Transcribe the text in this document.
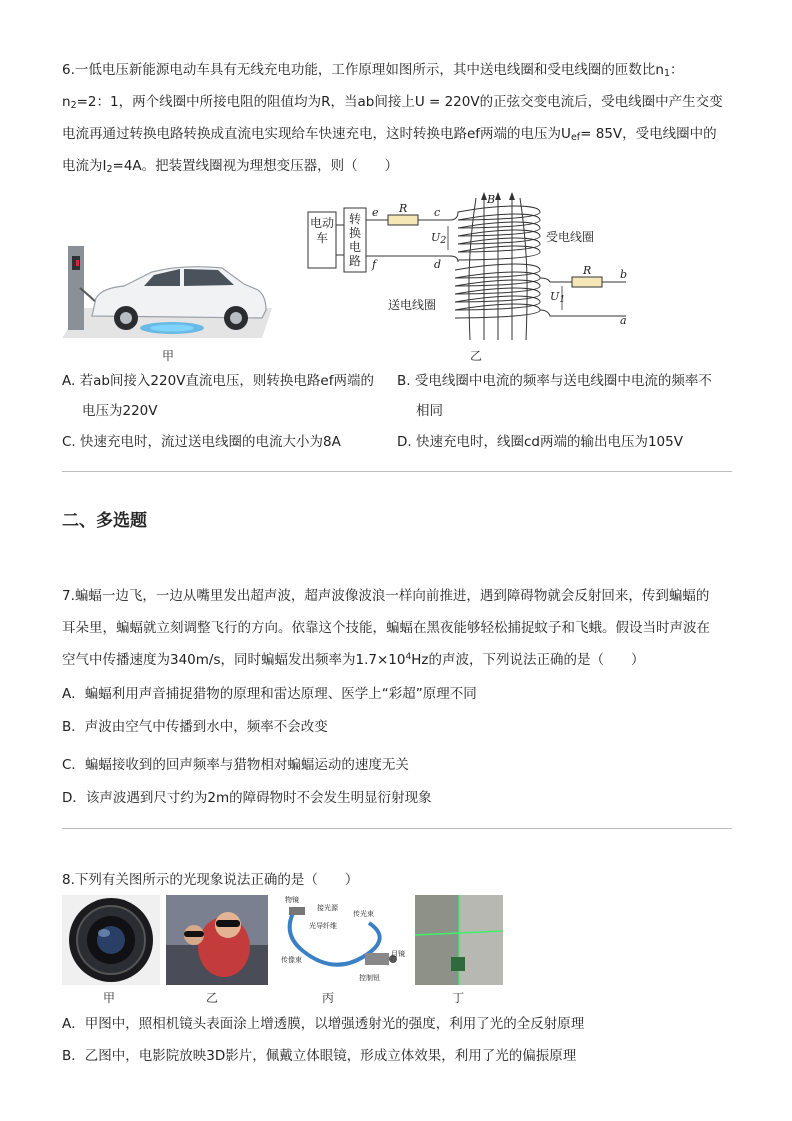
6.一低电压新能源电动车具有无线充电功能，工作原理如图所示，其中送电线圈和受电线圈的匝数比$n_1$：
$n_2=2$：1，两个线圈中所接电阻的阻值均为R，当ab间接上U = 220V的正弦交变电流后，受电线圈中产生交变
电流再通过转换电路转换成直流电实现给车快速充电，这时转换电路ef两端的电压为$U_{ef}= 85V$，受电线圈中的
电流为$I_2=4A$。把装置线圈视为理想变压器，则（　　）
甲
电动车
转换电路
e
f
R c
d
U2
B
受电线圈
送电线圈
R	b
a
U1
乙
A. 若ab间接入220V直流电压，则转换电路ef两端的
电压为220V
B. 受电线圈中电流的频率与送电线圈中电流的频率不
相同
C. 快速充电时，流过送电线圈的电流大小为8A	D. 快速充电时，线圈cd两端的输出电压为105V
二、多选题
7.蝙蝠一边飞，一边从嘴里发出超声波，超声波像波浪一样向前推进，遇到障碍物就会反射回来，传到蝙蝠的
耳朵里，蝙蝠就立刻调整飞行的方向。依靠这个技能，蝙蝠在黑夜能够轻松捕捉蚊子和飞蛾。假设当时声波在
空气中传播速度为340m/s，同时蝙蝠发出频率为$1.7\times 10^4Hz$的声波，下列说法正确的是（　　）
A．蝙蝠利用声音捕捉猎物的原理和雷达原理、医学上“彩超”原理不同
B．声波由空气中传播到水中，频率不会改变
C．蝙蝠接收到的回声频率与猎物相对蝙蝠运动的速度无关
D．该声波遇到尺寸约为2m的障碍物时不会发生明显衍射现象
8.下列有关图所示的光现象说法正确的是（　　）
物镜
接光源
传光束
光导纤维
传像束
目镜
控制钮
甲	乙	丙	丁
A．甲图中，照相机镜头表面涂上增透膜，以增强透射光的强度，利用了光的全反射原理
B．乙图中，电影院放映3D影片，佩戴立体眼镜，形成立体效果，利用了光的偏振原理
